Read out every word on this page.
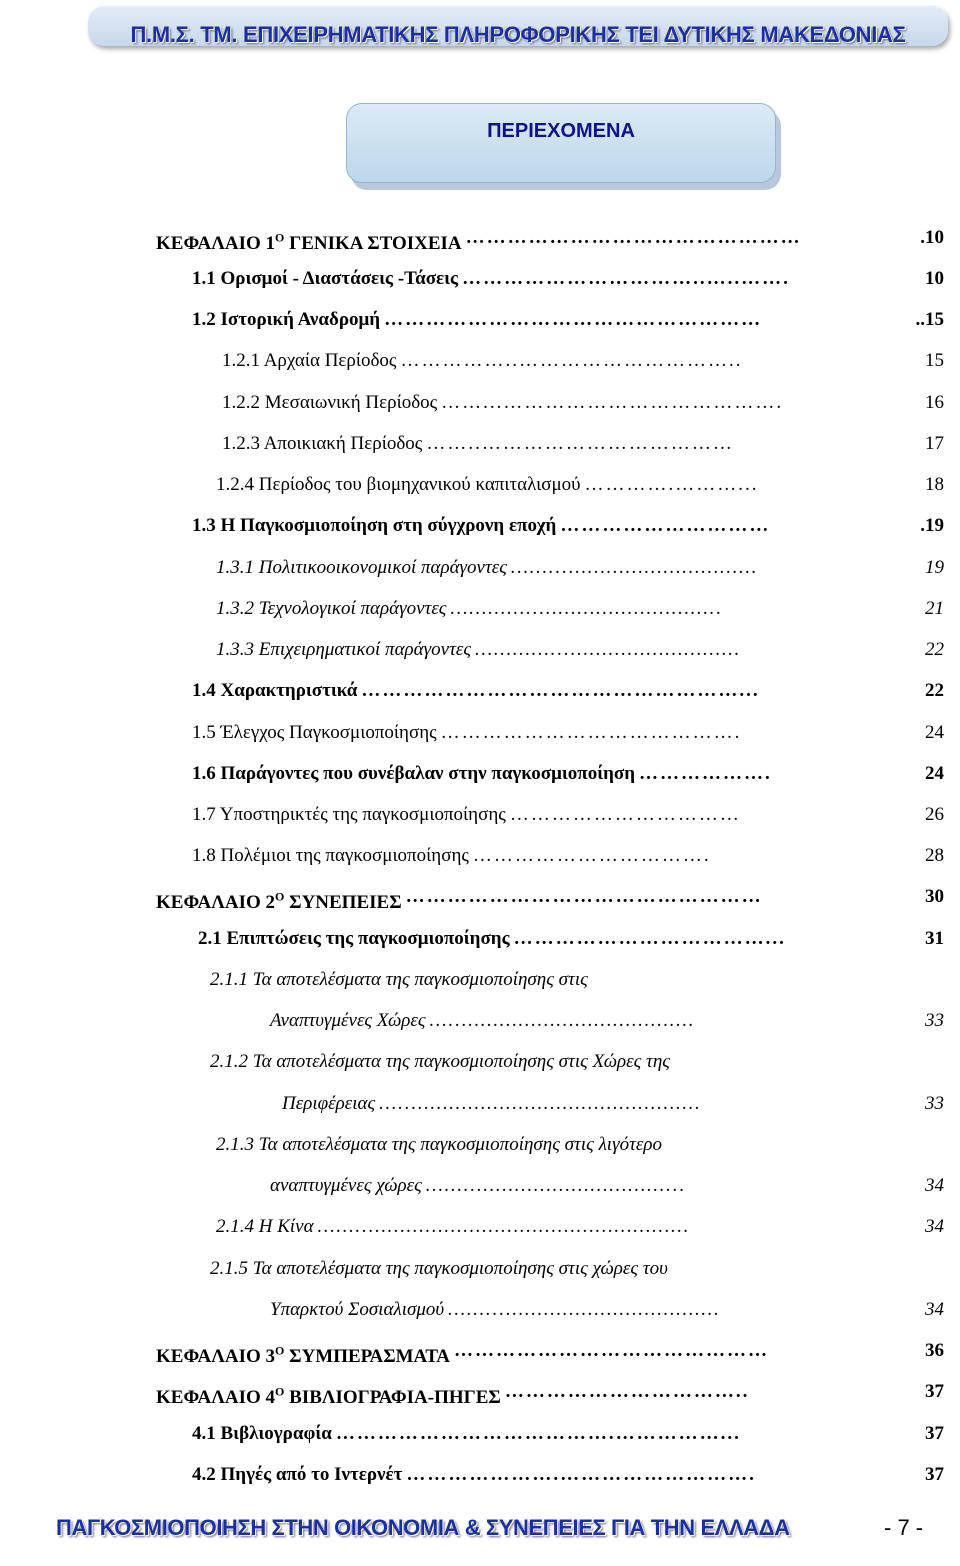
Π.Μ.Σ. ΤΜ. ΕΠΙΧΕΙΡΗΜΑΤΙΚΗΣ ΠΛΗΡΟΦΟΡΙΚΗΣ ΤΕΙ ΔΥΤΙΚΗΣ ΜΑΚΕΔΟΝΙΑΣ
ΠΕΡΙΕΧΟΜΕΝΑ
ΚΕΦΑΛΑΙΟ $1^O$ ΓΕΝΙΚΑ ΣΤΟΙΧΕΙΑ	.10
…………………………………………
1.1 Ορισμοί - Διαστάσεις -Τάσεις	10
……………………………..…..…….
1.2 Ιστορική Αναδρομή	..15
………………………………………………
1.2.1 Αρχαία Περίοδος	15
……………..…………………………..
1.2.2 Μεσαιωνική Περίοδος	16
……...………………………………….
1.2.3 Αποικιακή Περίοδος	17
……..………………………………
1.2.4 Περίοδος του βιομηχανικού καπιταλισμού	18
………….………...
1.3 Η Παγκοσμιοποίηση στη σύγχρονη εποχή	.19
…………………………
1.3.1 Πολιτικοοικονομικοί παράγοντες	19
……...…………………………
1.3.2 Τεχνολογικοί παράγοντες	21
…………..………………………..
1.3.3 Επιχειρηματικοί παράγοντες	22
…………...………………………
1.4 Χαρακτηριστικά	22
………………………………………………...
1.5 Έλεγχος Παγκοσμιοποίησης	24
…………………………………….
1.6 Παράγοντες που συνέβαλαν στην παγκοσμιοποίηση	24
……………….
1.7 Υποστηρικτές της παγκοσμιοποίησης	26
……………………………
1.8 Πολέμιοι της παγκοσμιοποίησης	28
…………………………….
ΚΕΦΑΛΑΙΟ $2^O$ ΣΥΝΕΠΕΙΕΣ	30
……………………………………………
2.1 Επιπτώσεις της παγκοσμιοποίησης	31
………………………………...
2.1.1 Τα αποτελέσματα της παγκοσμιοποίησης στις
Αναπτυγμένες Χώρες	33
…..……………………………….
2.1.2 Τα αποτελέσματα της παγκοσμιοποίησης στις Χώρες της
Περιφέρειας	33
…..……………………………………….
2.1.3 Τα αποτελέσματα της παγκοσμιοποίησης στις λιγότερο
αναπτυγμένες χώρες	34
……..…………………………...
2.1.4 Η Κίνα	34
……..……………………………………………
2.1.5 Τα αποτελέσματα της παγκοσμιοποίησης στις χώρες του
Υπαρκτού Σοσιαλισμού	34
……...…………………………….
ΚΕΦΑΛΑΙΟ $3^O$ ΣΥΜΠΕΡΑΣΜΑΤΑ	36
………………………………………
ΚΕΦΑΛΑΙΟ $4^O$ ΒΙΒΛΙΟΓΡΑΦΙΑ-ΠΗΓΕΣ	37
……………………………..
4.1 Βιβλιογραφία	37
………………………………….……………...
4.2 Πηγές από το Ιντερνέτ	37
………………….……………………….
ΠΑΓΚΟΣΜΙΟΠΟΙΗΣΗ ΣΤΗΝ ΟΙΚΟΝΟΜΙΑ & ΣΥΝΕΠΕΙΕΣ ΓΙΑ ΤΗΝ ΕΛΛΑΔΑ	- 7 -
